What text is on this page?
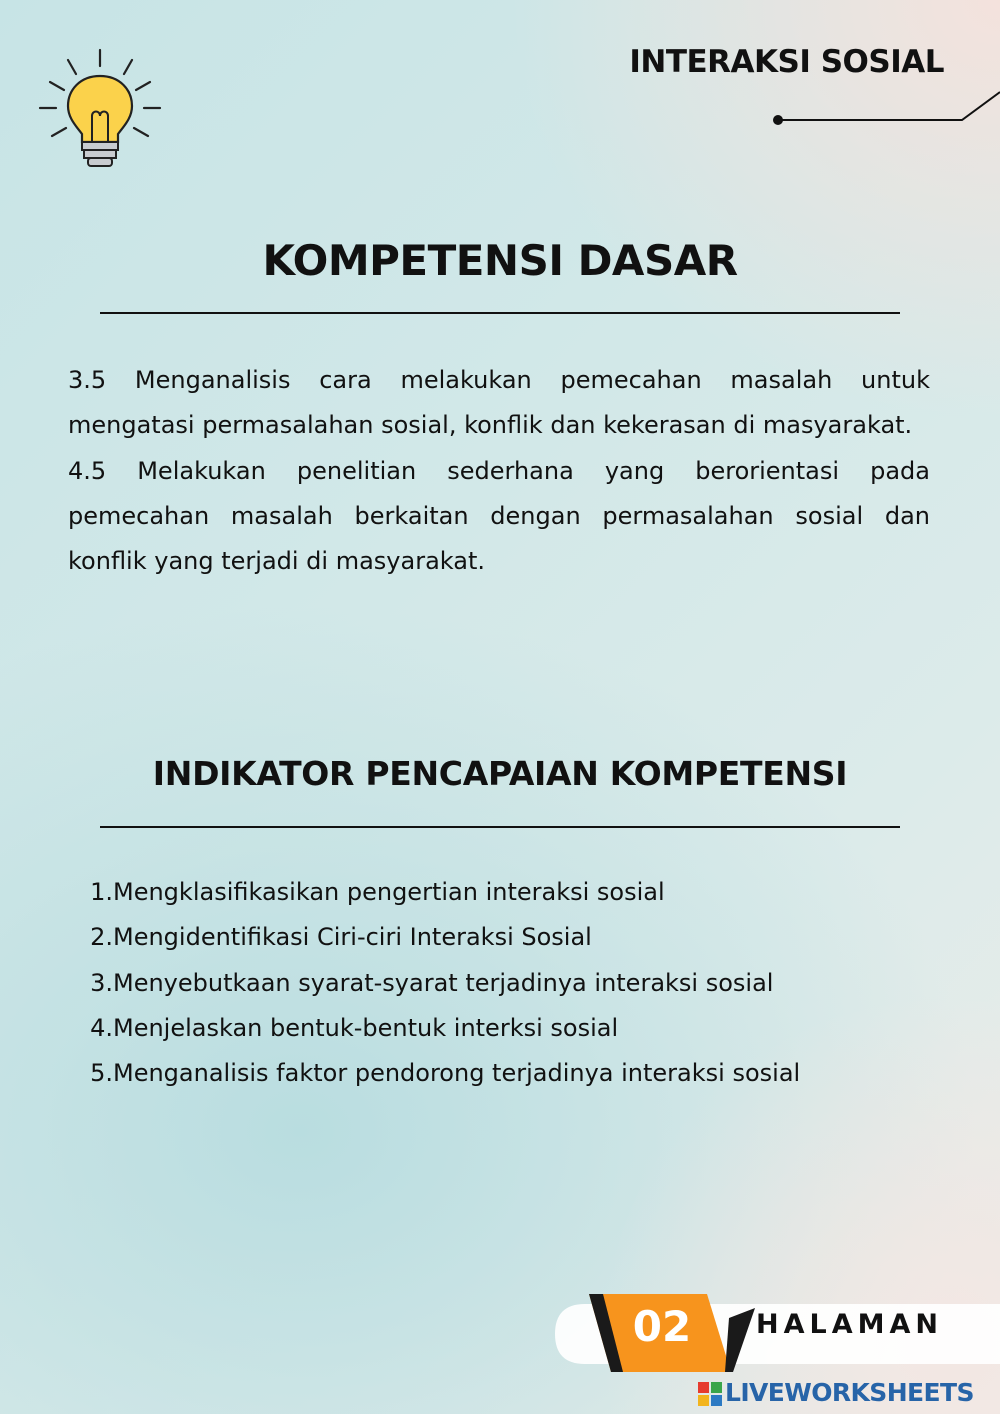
INTERAKSI SOSIAL
KOMPETENSI DASAR

3.5 Menganalisis cara melakukan pemecahan masalah untuk mengatasi permasalahan sosial, konflik dan kekerasan di masyarakat.

4.5 Melakukan penelitian sederhana yang berorientasi pada pemecahan masalah berkaitan dengan permasalahan sosial dan konflik yang terjadi di masyarakat.

INDIKATOR PENCAPAIAN KOMPETENSI
1.Mengklasifikasikan pengertian interaksi sosial
2.Mengidentifikasi Ciri-ciri Interaksi Sosial
3.Menyebutkaan syarat-syarat terjadinya interaksi sosial
4.Menjelaskan bentuk-bentuk interksi sosial
5.Menganalisis faktor pendorong terjadinya interaksi sosial
02	HALAMAN
LIVEWORKSHEETS
